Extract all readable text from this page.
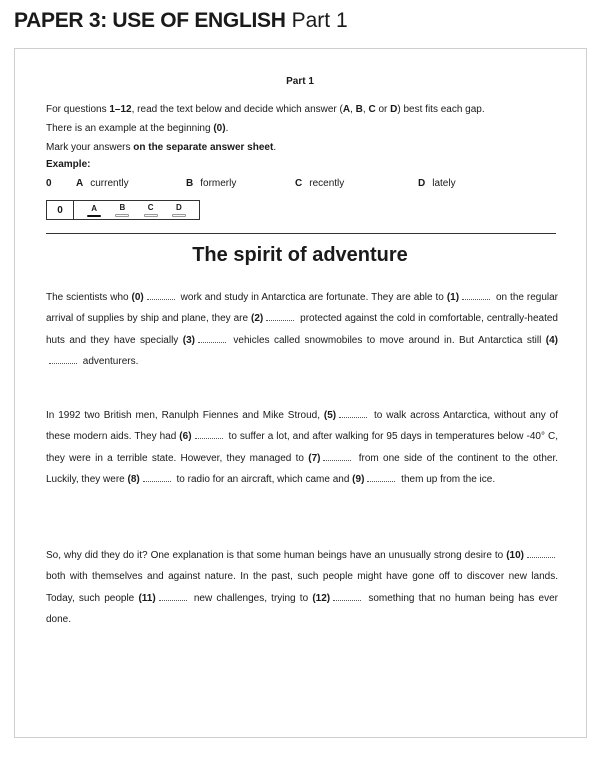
PAPER 3: USE OF ENGLISH Part 1
Part 1
For questions 1–12, read the text below and decide which answer (A, B, C or D) best fits each gap.
There is an example at the beginning (0).
Mark your answers on the separate answer sheet.
Example:
0	A currently	B formerly	C recently	D lately
0	A	B	C	D
The spirit of adventure
The scientists who (0)	work and study in Antarctica are fortunate. They are able to (1)	on the regular arrival of supplies by ship and plane, they are (2)	protected against the cold in comfortable, centrally-heated huts and they have specially (3)	vehicles called snowmobiles to move around in. But Antarctica still (4) adventurers.
In 1992 two British men, Ranulph Fiennes and Mike Stroud, (5)	to walk across Antarctica, without any of these modern aids. They had (6)	to suffer a lot, and after walking for 95 days in temperatures below -40° C, they were in a terrible state. However, they managed to (7)	from one side of the continent to the other. Luckily, they were (8)	to radio for an aircraft, which came and (9)	them up from the ice.
So, why did they do it? One explanation is that some human beings have an unusually strong desire to (10) both with themselves and against nature. In the past, such people might have gone off to discover new lands. Today, such people (11)	new challenges, trying to (12)	something that no human being has ever done.
